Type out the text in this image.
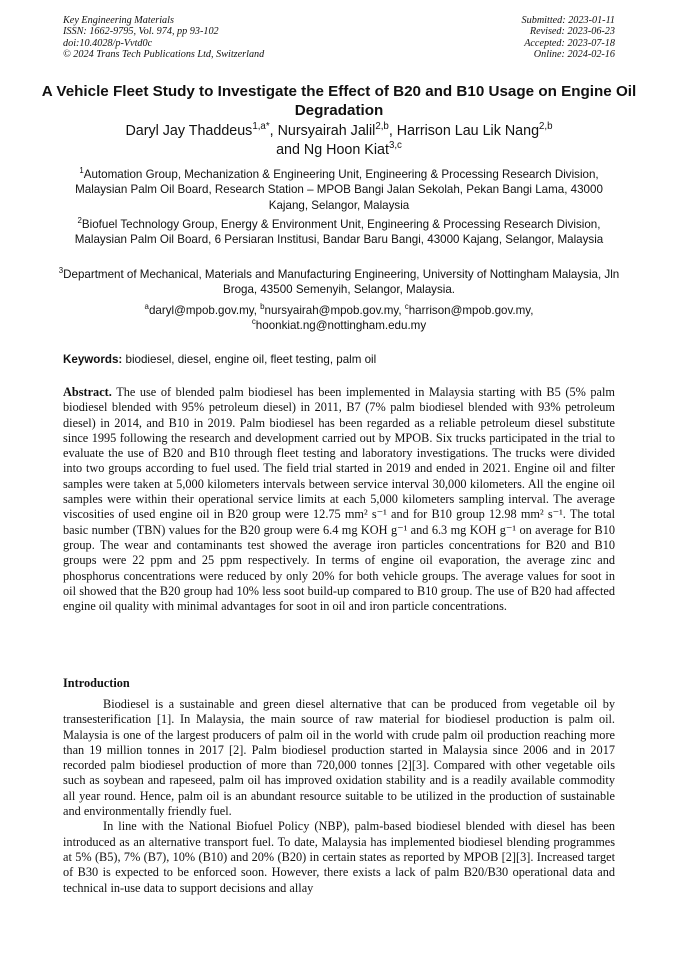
Key Engineering Materials
ISSN: 1662-9795, Vol. 974, pp 93-102
doi:10.4028/p-Vvtd0c
© 2024 Trans Tech Publications Ltd, Switzerland
Submitted: 2023-01-11
Revised: 2023-06-23
Accepted: 2023-07-18
Online: 2024-02-16
A Vehicle Fleet Study to Investigate the Effect of B20 and B10 Usage on Engine Oil Degradation
Daryl Jay Thaddeus$^{1,a*}$, Nursyairah Jalil$^{2,b}$, Harrison Lau Lik Nang$^{2,b}$
and Ng Hoon Kiat$^{3,c}$
$^1$Automation Group, Mechanization & Engineering Unit, Engineering & Processing Research Division, Malaysian Palm Oil Board, Research Station – MPOB Bangi Jalan Sekolah, Pekan Bangi Lama, 43000 Kajang, Selangor, Malaysia
$^2$Biofuel Technology Group, Energy & Environment Unit, Engineering & Processing Research Division, Malaysian Palm Oil Board, 6 Persiaran Institusi, Bandar Baru Bangi, 43000 Kajang, Selangor, Malaysia
$^3$Department of Mechanical, Materials and Manufacturing Engineering, University of Nottingham Malaysia, Jln Broga, 43500 Semenyih, Selangor, Malaysia.
$^a$daryl@mpob.gov.my, $^b$nursyairah@mpob.gov.my, $^c$harrison@mpob.gov.my,
$^c$hoonkiat.ng@nottingham.edu.my
Keywords: biodiesel, diesel, engine oil, fleet testing, palm oil
Abstract. The use of blended palm biodiesel has been implemented in Malaysia starting with B5 (5% palm biodiesel blended with 95% petroleum diesel) in 2011, B7 (7% palm biodiesel blended with 93% petroleum diesel) in 2014, and B10 in 2019. Palm biodiesel has been regarded as a reliable petroleum diesel substitute since 1995 following the research and development carried out by MPOB. Six trucks participated in the trial to evaluate the use of B20 and B10 through fleet testing and laboratory investigations. The trucks were divided into two groups according to fuel used. The field trial started in 2019 and ended in 2021. Engine oil and filter samples were taken at 5,000 kilometers intervals between service interval 30,000 kilometers. All the engine oil samples were within their operational service limits at each 5,000 kilometers sampling interval. The average viscosities of used engine oil in B20 group were 12.75 mm² s⁻¹ and for B10 group 12.98 mm² s⁻¹. The total basic number (TBN) values for the B20 group were 6.4 mg KOH g⁻¹ and 6.3 mg KOH g⁻¹ on average for B10 group. The wear and contaminants test showed the average iron particles concentrations for B20 and B10 groups were 22 ppm and 25 ppm respectively. In terms of engine oil evaporation, the average zinc and phosphorus concentrations were reduced by only 20% for both vehicle groups. The average values for soot in oil showed that the B20 group had 10% less soot build-up compared to B10 group. The use of B20 had affected engine oil quality with minimal advantages for soot in oil and iron particle concentrations.
Introduction

Biodiesel is a sustainable and green diesel alternative that can be produced from vegetable oil by transesterification [1]. In Malaysia, the main source of raw material for biodiesel production is palm oil. Malaysia is one of the largest producers of palm oil in the world with crude palm oil production reaching more than 19 million tonnes in 2017 [2]. Palm biodiesel production started in Malaysia since 2006 and in 2017 recorded palm biodiesel production of more than 720,000 tonnes [2][3]. Compared with other vegetable oils such as soybean and rapeseed, palm oil has improved oxidation stability and is a readily available commodity all year round. Hence, palm oil is an abundant resource suitable to be utilized in the production of sustainable and environmentally friendly fuel.

In line with the National Biofuel Policy (NBP), palm-based biodiesel blended with diesel has been introduced as an alternative transport fuel. To date, Malaysia has implemented biodiesel blending programmes at 5% (B5), 7% (B7), 10% (B10) and 20% (B20) in certain states as reported by MPOB [2][3]. Increased target of B30 is expected to be enforced soon. However, there exists a lack of palm B20/B30 operational data and technical in-use data to support decisions and allay
